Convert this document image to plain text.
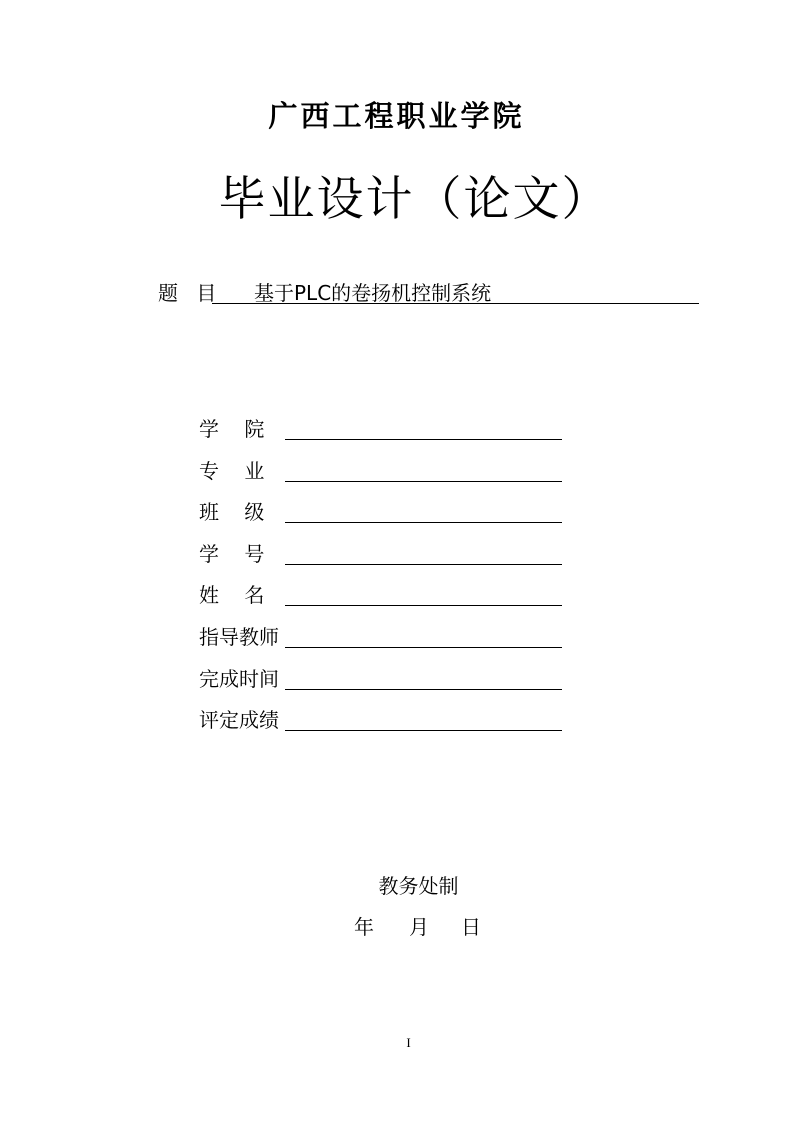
广西工程职业学院
毕业设计（论文）
题 目 基于PLC的卷扬机控制系统
学    院
专    业
班    级
学    号
姓    名
指导教师
完成时间
评定成绩
教务处制
年 月 日
I
